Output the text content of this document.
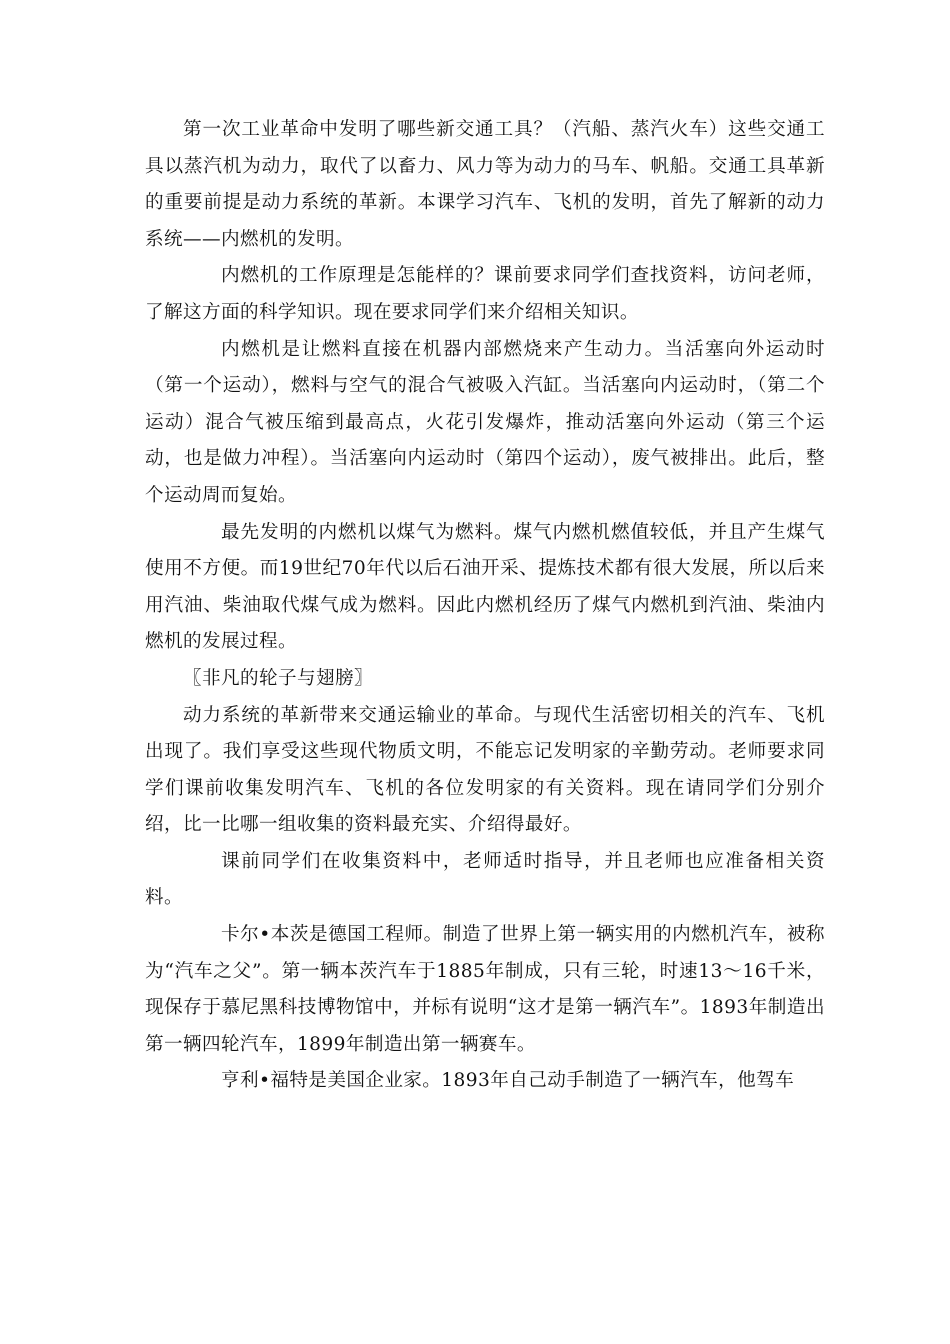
第一次工业革命中发明了哪些新交通工具？（汽船、蒸汽火车）这些交通工具以蒸汽机为动力，取代了以畜力、风力等为动力的马车、帆船。交通工具革新的重要前提是动力系统的革新。本课学习汽车、飞机的发明，首先了解新的动力系统——内燃机的发明。

内燃机的工作原理是怎能样的？课前要求同学们查找资料，访问老师，了解这方面的科学知识。现在要求同学们来介绍相关知识。

内燃机是让燃料直接在机器内部燃烧来产生动力。当活塞向外运动时（第一个运动），燃料与空气的混合气被吸入汽缸。当活塞向内运动时，（第二个运动）混合气被压缩到最高点，火花引发爆炸，推动活塞向外运动（第三个运动，也是做力冲程）。当活塞向内运动时（第四个运动），废气被排出。此后，整个运动周而复始。

最先发明的内燃机以煤气为燃料。煤气内燃机燃值较低，并且产生煤气使用不方便。而19世纪70年代以后石油开采、提炼技术都有很大发展，所以后来用汽油、柴油取代煤气成为燃料。因此内燃机经历了煤气内燃机到汽油、柴油内燃机的发展过程。

〖非凡的轮子与翅膀〗

动力系统的革新带来交通运输业的革命。与现代生活密切相关的汽车、飞机出现了。我们享受这些现代物质文明，不能忘记发明家的辛勤劳动。老师要求同学们课前收集发明汽车、飞机的各位发明家的有关资料。现在请同学们分别介绍，比一比哪一组收集的资料最充实、介绍得最好。

课前同学们在收集资料中，老师适时指导，并且老师也应准备相关资料。

卡尔•本茨是德国工程师。制造了世界上第一辆实用的内燃机汽车，被称为“汽车之父”。第一辆本茨汽车于1885年制成，只有三轮，时速13～16千米，现保存于慕尼黑科技博物馆中，并标有说明“这才是第一辆汽车”。1893年制造出第一辆四轮汽车，1899年制造出第一辆赛车。

亨利•福特是美国企业家。1893年自己动手制造了一辆汽车，他驾车
